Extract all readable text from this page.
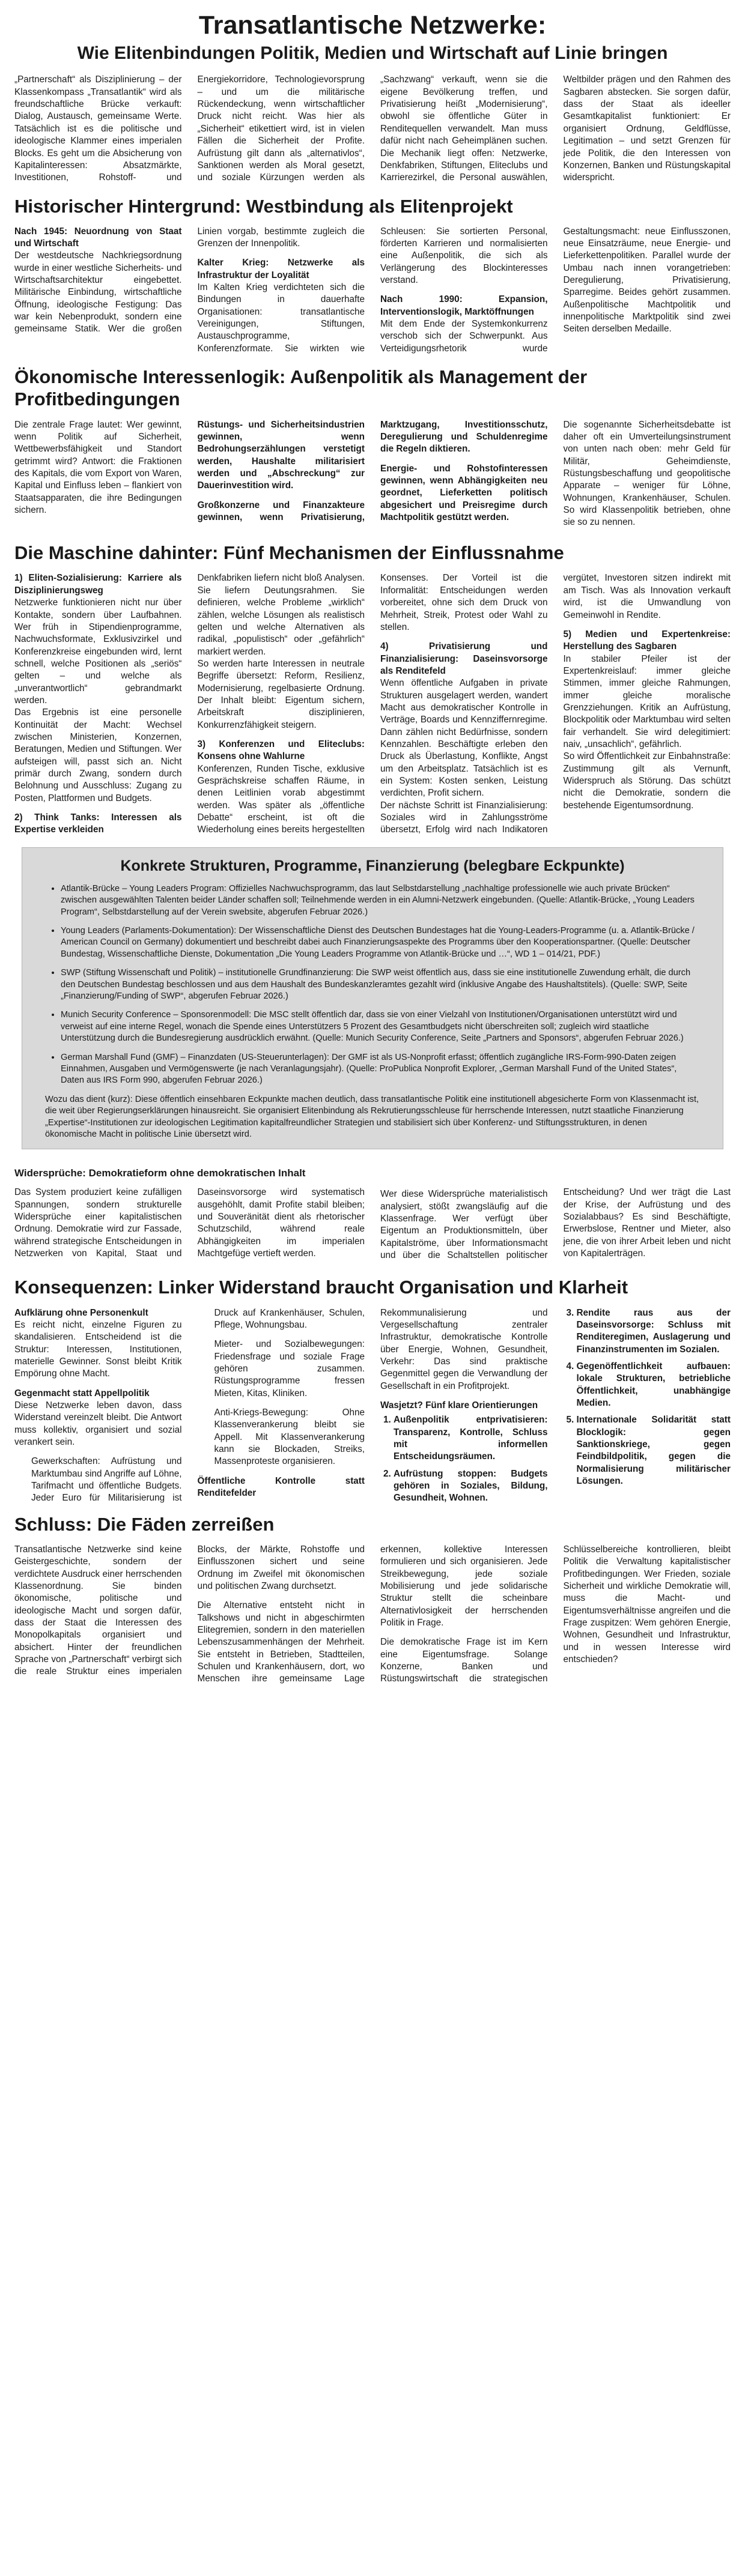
Transatlantische Netzwerke:
Wie Elitenbindungen Politik, Medien und Wirtschaft auf Linie bringen

„Partnerschaft“ als Disziplinierung – der Klassenkompass „Transatlantik“ wird als freundschaftliche Brücke verkauft: Dialog, Austausch, gemeinsame Werte. Tatsächlich ist es die politische und ideologische Klammer eines imperialen Blocks. Es geht um die Absicherung von Kapitalinteressen: Absatzmärkte, Investitionen, Rohstoff- und Energiekorridore, Technologievorsprung – und um die militärische Rückendeckung, wenn wirtschaftlicher Druck nicht reicht. Was hier als „Sicherheit“ etikettiert wird, ist in vielen Fällen die Sicherheit der Profite. Aufrüstung gilt dann als „alternativlos“, Sanktionen werden als Moral gesetzt, und soziale Kürzungen werden als „Sachzwang“ verkauft, wenn sie die eigene Bevölkerung treffen, und Privatisierung heißt „Modernisierung“, obwohl sie öffentliche Güter in Renditequellen verwandelt. Man muss dafür nicht nach Geheimplänen suchen. Die Mechanik liegt offen: Netzwerke, Denkfabriken, Stiftungen, Eliteclubs und Karrierezirkel, die Personal auswählen, Weltbilder prägen und den Rahmen des Sagbaren abstecken. Sie sorgen dafür, dass der Staat als ideeller Gesamtkapitalist funktioniert: Er organisiert Ordnung, Geldflüsse, Legitimation – und setzt Grenzen für jede Politik, die den Interessen von Konzernen, Banken und Rüstungskapital widerspricht.

Historischer Hintergrund: Westbindung als Elitenprojekt

Nach 1945: Neuordnung von Staat und Wirtschaft

Der westdeutsche Nachkriegsordnung wurde in einer westliche Sicherheits- und Wirtschaftsarchitektur eingebettet. Militärische Einbindung, wirtschaftliche Öffnung, ideologische Festigung: Das war kein Nebenprodukt, sondern eine gemeinsame Statik. Wer die großen Linien vorgab, bestimmte zugleich die Grenzen der Innenpolitik.

Kalter Krieg: Netzwerke als Infrastruktur der Loyalität

Im Kalten Krieg verdichteten sich die Bindungen in dauerhafte Organisationen: transatlantische Vereinigungen, Stiftungen, Austauschprogramme, Konferenzformate. Sie wirkten wie Schleusen: Sie sortierten Personal, förderten Karrieren und normalisierten eine Außenpolitik, die sich als Verlängerung des Blockinteresses verstand.

Nach 1990: Expansion, Interventionslogik, Marktöffnungen

Mit dem Ende der Systemkonkurrenz verschob sich der Schwerpunkt. Aus Verteidigungsrhetorik wurde Gestaltungsmacht: neue Einflusszonen, neue Einsatzräume, neue Energie- und Lieferkettenpolitiken. Parallel wurde der Umbau nach innen vorangetrieben: Deregulierung, Privatisierung, Sparregime. Beides gehört zusammen. Außenpolitische Machtpolitik und innenpolitische Marktpolitik sind zwei Seiten derselben Medaille.

Ökonomische Interessenlogik: Außenpolitik als Management der Profitbedingungen

Die zentrale Frage lautet: Wer gewinnt, wenn Politik auf Sicherheit, Wettbewerbsfähigkeit und Standort getrimmt wird? Antwort: die Fraktionen des Kapitals, die vom Export von Waren, Kapital und Einfluss leben – flankiert von Staatsapparaten, die ihre Bedingungen sichern.

Rüstungs- und Sicherheitsindustrien gewinnen, wenn Bedrohungserzählungen verstetigt werden, Haushalte militarisiert werden und „Abschreckung“ zur Dauerinvestition wird.

Großkonzerne und Finanzakteure gewinnen, wenn Privatisierung, Marktzugang, Investitionsschutz, Deregulierung und Schuldenregime die Regeln diktieren.

Energie- und Rohstofinteressen gewinnen, wenn Abhängigkeiten neu geordnet, Lieferketten politisch abgesichert und Preisregime durch Machtpolitik gestützt werden.

Die sogenannte Sicherheitsdebatte ist daher oft ein Umverteilungsinstrument von unten nach oben: mehr Geld für Militär, Geheimdienste, Rüstungsbeschaffung und geopolitische Apparate – weniger für Löhne, Wohnungen, Krankenhäuser, Schulen. So wird Klassenpolitik betrieben, ohne sie so zu nennen.

Die Maschine dahinter: Fünf Mechanismen der Einflussnahme

1) Eliten-Sozialisierung: Karriere als Disziplinierungsweg

Netzwerke funktionieren nicht nur über Kontakte, sondern über Laufbahnen. Wer früh in Stipendienprogramme, Nachwuchsformate, Exklusivzirkel und Konferenzkreise eingebunden wird, lernt schnell, welche Positionen als „seriös“ gelten – und welche als „unverantwortlich“ gebrandmarkt werden.

Das Ergebnis ist eine personelle Kontinuität der Macht: Wechsel zwischen Ministerien, Konzernen, Beratungen, Medien und Stiftungen. Wer aufsteigen will, passt sich an. Nicht primär durch Zwang, sondern durch Belohnung und Ausschluss: Zugang zu Posten, Plattformen und Budgets.

2) Think Tanks: Interessen als Expertise verkleiden

Denkfabriken liefern nicht bloß Analysen. Sie liefern Deutungsrahmen. Sie definieren, welche Probleme „wirklich“ zählen, welche Lösungen als realistisch gelten und welche Alternativen als radikal, „populistisch“ oder „gefährlich“ markiert werden.

So werden harte Interessen in neutrale Begriffe übersetzt: Reform, Resilienz, Modernisierung, regelbasierte Ordnung. Der Inhalt bleibt: Eigentum sichern, Arbeitskraft disziplinieren, Konkurrenzfähigkeit steigern.

3) Konferenzen und Eliteclubs: Konsens ohne Wahlurne

Konferenzen, Runden Tische, exklusive Gesprächskreise schaffen Räume, in denen Leitlinien vorab abgestimmt werden. Was später als „öffentliche Debatte“ erscheint, ist oft die Wiederholung eines bereits hergestellten Konsenses. Der Vorteil ist die Informalität: Entscheidungen werden vorbereitet, ohne sich dem Druck von Mehrheit, Streik, Protest oder Wahl zu stellen.

4) Privatisierung und Finanzialisierung: Daseinsvorsorge als Renditefeld

Wenn öffentliche Aufgaben in private Strukturen ausgelagert werden, wandert Macht aus demokratischer Kontrolle in Verträge, Boards und Kennziffernregime. Dann zählen nicht Bedürfnisse, sondern Kennzahlen. Beschäftigte erleben den Druck als Überlastung, Konflikte, Angst um den Arbeitsplatz. Tatsächlich ist es ein System: Kosten senken, Leistung verdichten, Profit sichern.

Der nächste Schritt ist Finanzialisierung: Soziales wird in Zahlungsströme übersetzt, Erfolg wird nach Indikatoren vergütet, Investoren sitzen indirekt mit am Tisch. Was als Innovation verkauft wird, ist die Umwandlung von Gemeinwohl in Rendite.

5) Medien und Expertenkreise: Herstellung des Sagbaren

In stabiler Pfeiler ist der Expertenkreislauf: immer gleiche Stimmen, immer gleiche Rahmungen, immer gleiche moralische Grenzziehungen. Kritik an Aufrüstung, Blockpolitik oder Marktumbau wird selten fair verhandelt. Sie wird delegitimiert: naiv, „unsachlich“, gefährlich.

So wird Öffentlichkeit zur Einbahnstraße: Zustimmung gilt als Vernunft, Widerspruch als Störung. Das schützt nicht die Demokratie, sondern die bestehende Eigentumsordnung.

Konkrete Strukturen, Programme, Finanzierung (belegbare Eckpunkte)
• Atlantik-Brücke – Young Leaders Program: Offizielles Nachwuchsprogramm, das laut Selbstdarstellung „nachhaltige professionelle wie auch private Brücken“ zwischen ausgewählten Talenten beider Länder schaffen soll; Teilnehmende werden in ein Alumni-Netzwerk eingebunden. (Quelle: Atlantik-Brücke, „Young Leaders Program“, Selbstdarstellung auf der Verein swebsite, abgerufen Februar 2026.)
• Young Leaders (Parlaments-Dokumentation): Der Wissenschaftliche Dienst des Deutschen Bundestages hat die Young-Leaders-Programme (u. a. Atlantik-Brücke / American Council on Germany) dokumentiert und beschreibt dabei auch Finanzierungsaspekte des Programms über den Kooperationspartner. (Quelle: Deutscher Bundestag, Wissenschaftliche Dienste, Dokumentation „Die Young Leaders Programme von Atlantik-Brücke und …“, WD 1 – 014/21, PDF.)
• SWP (Stiftung Wissenschaft und Politik) – institutionelle Grundfinanzierung: Die SWP weist öffentlich aus, dass sie eine institutionelle Zuwendung erhält, die durch den Deutschen Bundestag beschlossen und aus dem Haushalt des Bundeskanzleramtes gezahlt wird (inklusive Angabe des Haushaltstitels). (Quelle: SWP, Seite „Finanzierung/Funding of SWP“, abgerufen Februar 2026.)
• Munich Security Conference – Sponsorenmodell: Die MSC stellt öffentlich dar, dass sie von einer Vielzahl von Institutionen/Organisationen unterstützt wird und verweist auf eine interne Regel, wonach die Spende eines Unterstützers 5 Prozent des Gesamtbudgets nicht überschreiten soll; zugleich wird staatliche Unterstützung durch die Bundesregierung ausdrücklich erwähnt. (Quelle: Munich Security Conference, Seite „Partners and Sponsors“, abgerufen Februar 2026.)
• German Marshall Fund (GMF) – Finanzdaten (US-Steuerunterlagen): Der GMF ist als US-Nonprofit erfasst; öffentlich zugängliche IRS-Form-990-Daten zeigen Einnahmen, Ausgaben und Vermögenswerte (je nach Veranlagungsjahr). (Quelle: ProPublica Nonprofit Explorer, „German Marshall Fund of the United States“, Daten aus IRS Form 990, abgerufen Februar 2026.)
Wozu das dient (kurz): Diese öffentlich einsehbaren Eckpunkte machen deutlich, dass transatlantische Politik eine institutionell abgesicherte Form von Klassenmacht ist, die weit über Regierungserklärungen hinausreicht. Sie organisiert Elitenbindung als Rekrutierungsschleuse für herrschende Interessen, nutzt staatliche Finanzierung „Expertise“-Institutionen zur ideologischen Legitimation kapitalfreundlicher Strategien und stabilisiert sich über Konferenz- und Stiftungsstrukturen, in denen ökonomische Macht in politische Linie übersetzt wird.
Widersprüche: Demokratieform ohne demokratischen Inhalt

Das System produziert keine zufälligen Spannungen, sondern strukturelle Widersprüche einer kapitalistischen Ordnung. Demokratie wird zur Fassade, während strategische Entscheidungen in Netzwerken von Kapital, Staat und Daseinsvorsorge wird systematisch ausgehöhlt, damit Profite stabil bleiben; und Souveränität dient als rhetorischer Schutzschild, während reale Abhängigkeiten im imperialen Machtgefüge vertieft werden.

Wer diese Widersprüche materialistisch analysiert, stößt zwangsläufig auf die Klassenfrage. Wer verfügt über Eigentum an Produktionsmitteln, über Kapitalströme, über Informationsmacht und über die Schaltstellen politischer Entscheidung? Und wer trägt die Last der Krise, der Aufrüstung und des Sozialabbaus? Es sind Beschäftigte, Erwerbslose, Rentner und Mieter, also jene, die von ihrer Arbeit leben und nicht von Kapitalerträgen.

Konsequenzen: Linker Widerstand braucht Organisation und Klarheit

Aufklärung ohne Personenkult

Es reicht nicht, einzelne Figuren zu skandalisieren. Entscheidend ist die Struktur: Interessen, Institutionen, materielle Gewinner. Sonst bleibt Kritik Empörung ohne Macht.

Gegenmacht statt Appellpolitik

Diese Netzwerke leben davon, dass Widerstand vereinzelt bleibt. Die Antwort muss kollektiv, organisiert und sozial verankert sein.

Gewerkschaften: Aufrüstung und Marktumbau sind Angriffe auf Löhne, Tarifmacht und öffentliche Budgets. Jeder Euro für Militarisierung ist Druck auf Krankenhäuser, Schulen, Pflege, Wohnungsbau.

Mieter- und Sozialbewegungen: Friedensfrage und soziale Frage gehören zusammen. Rüstungsprogramme fressen Mieten, Kitas, Kliniken.

Anti-Kriegs-Bewegung: Ohne Klassenverankerung bleibt sie Appell. Mit Klassenverankerung kann sie Blockaden, Streiks, Massenproteste organisieren.

Öffentliche Kontrolle statt Renditefelder

Rekommunalisierung und Vergesellschaftung zentraler Infrastruktur, demokratische Kontrolle über Energie, Wohnen, Gesundheit, Verkehr: Das sind praktische Gegenmittel gegen die Verwandlung der Gesellschaft in ein Profitprojekt.

Wasjetzt? Fünf klare Orientierungen

1. Außenpolitik entprivatisieren: Transparenz, Kontrolle, Schluss mit informellen Entscheidungsräumen.
2. Aufrüstung stoppen: Budgets gehören in Soziales, Bildung, Gesundheit, Wohnen.
3. Rendite raus aus der Daseinsvorsorge: Schluss mit Renditeregimen, Auslagerung und Finanzinstrumenten im Sozialen.
4. Gegenöffentlichkeit aufbauen: lokale Strukturen, betriebliche Öffentlichkeit, unabhängige Medien.
5. Internationale Solidarität statt Blocklogik: gegen Sanktionskriege, gegen Feindbildpolitik, gegen die Normalisierung militärischer Lösungen.
Schluss: Die Fäden zerreißen

Transatlantische Netzwerke sind keine Geistergeschichte, sondern der verdichtete Ausdruck einer herrschenden Klassenordnung. Sie binden ökonomische, politische und ideologische Macht und sorgen dafür, dass der Staat die Interessen des Monopolkapitals organisiert und absichert. Hinter der freundlichen Sprache von „Partnerschaft“ verbirgt sich die reale Struktur eines imperialen Blocks, der Märkte, Rohstoffe und Einflusszonen sichert und seine Ordnung im Zweifel mit ökonomischen und politischen Zwang durchsetzt.

Die Alternative entsteht nicht in Talkshows und nicht in abgeschirmten Elitegremien, sondern in den materiellen Lebenszusammenhängen der Mehrheit. Sie entsteht in Betrieben, Stadtteilen, Schulen und Krankenhäusern, dort, wo Menschen ihre gemeinsame Lage erkennen, kollektive Interessen formulieren und sich organisieren. Jede Streikbewegung, jede soziale Mobilisierung und jede solidarische Struktur stellt die scheinbare Alternativlosigkeit der herrschenden Politik in Frage.

Die demokratische Frage ist im Kern eine Eigentumsfrage. Solange Konzerne, Banken und Rüstungswirtschaft die strategischen Schlüsselbereiche kontrollieren, bleibt Politik die Verwaltung kapitalistischer Profitbedingungen. Wer Frieden, soziale Sicherheit und wirkliche Demokratie will, muss die Macht- und Eigentumsverhältnisse angreifen und die Frage zuspitzen: Wem gehören Energie, Wohnen, Gesundheit und Infrastruktur, und in wessen Interesse wird entschieden?
